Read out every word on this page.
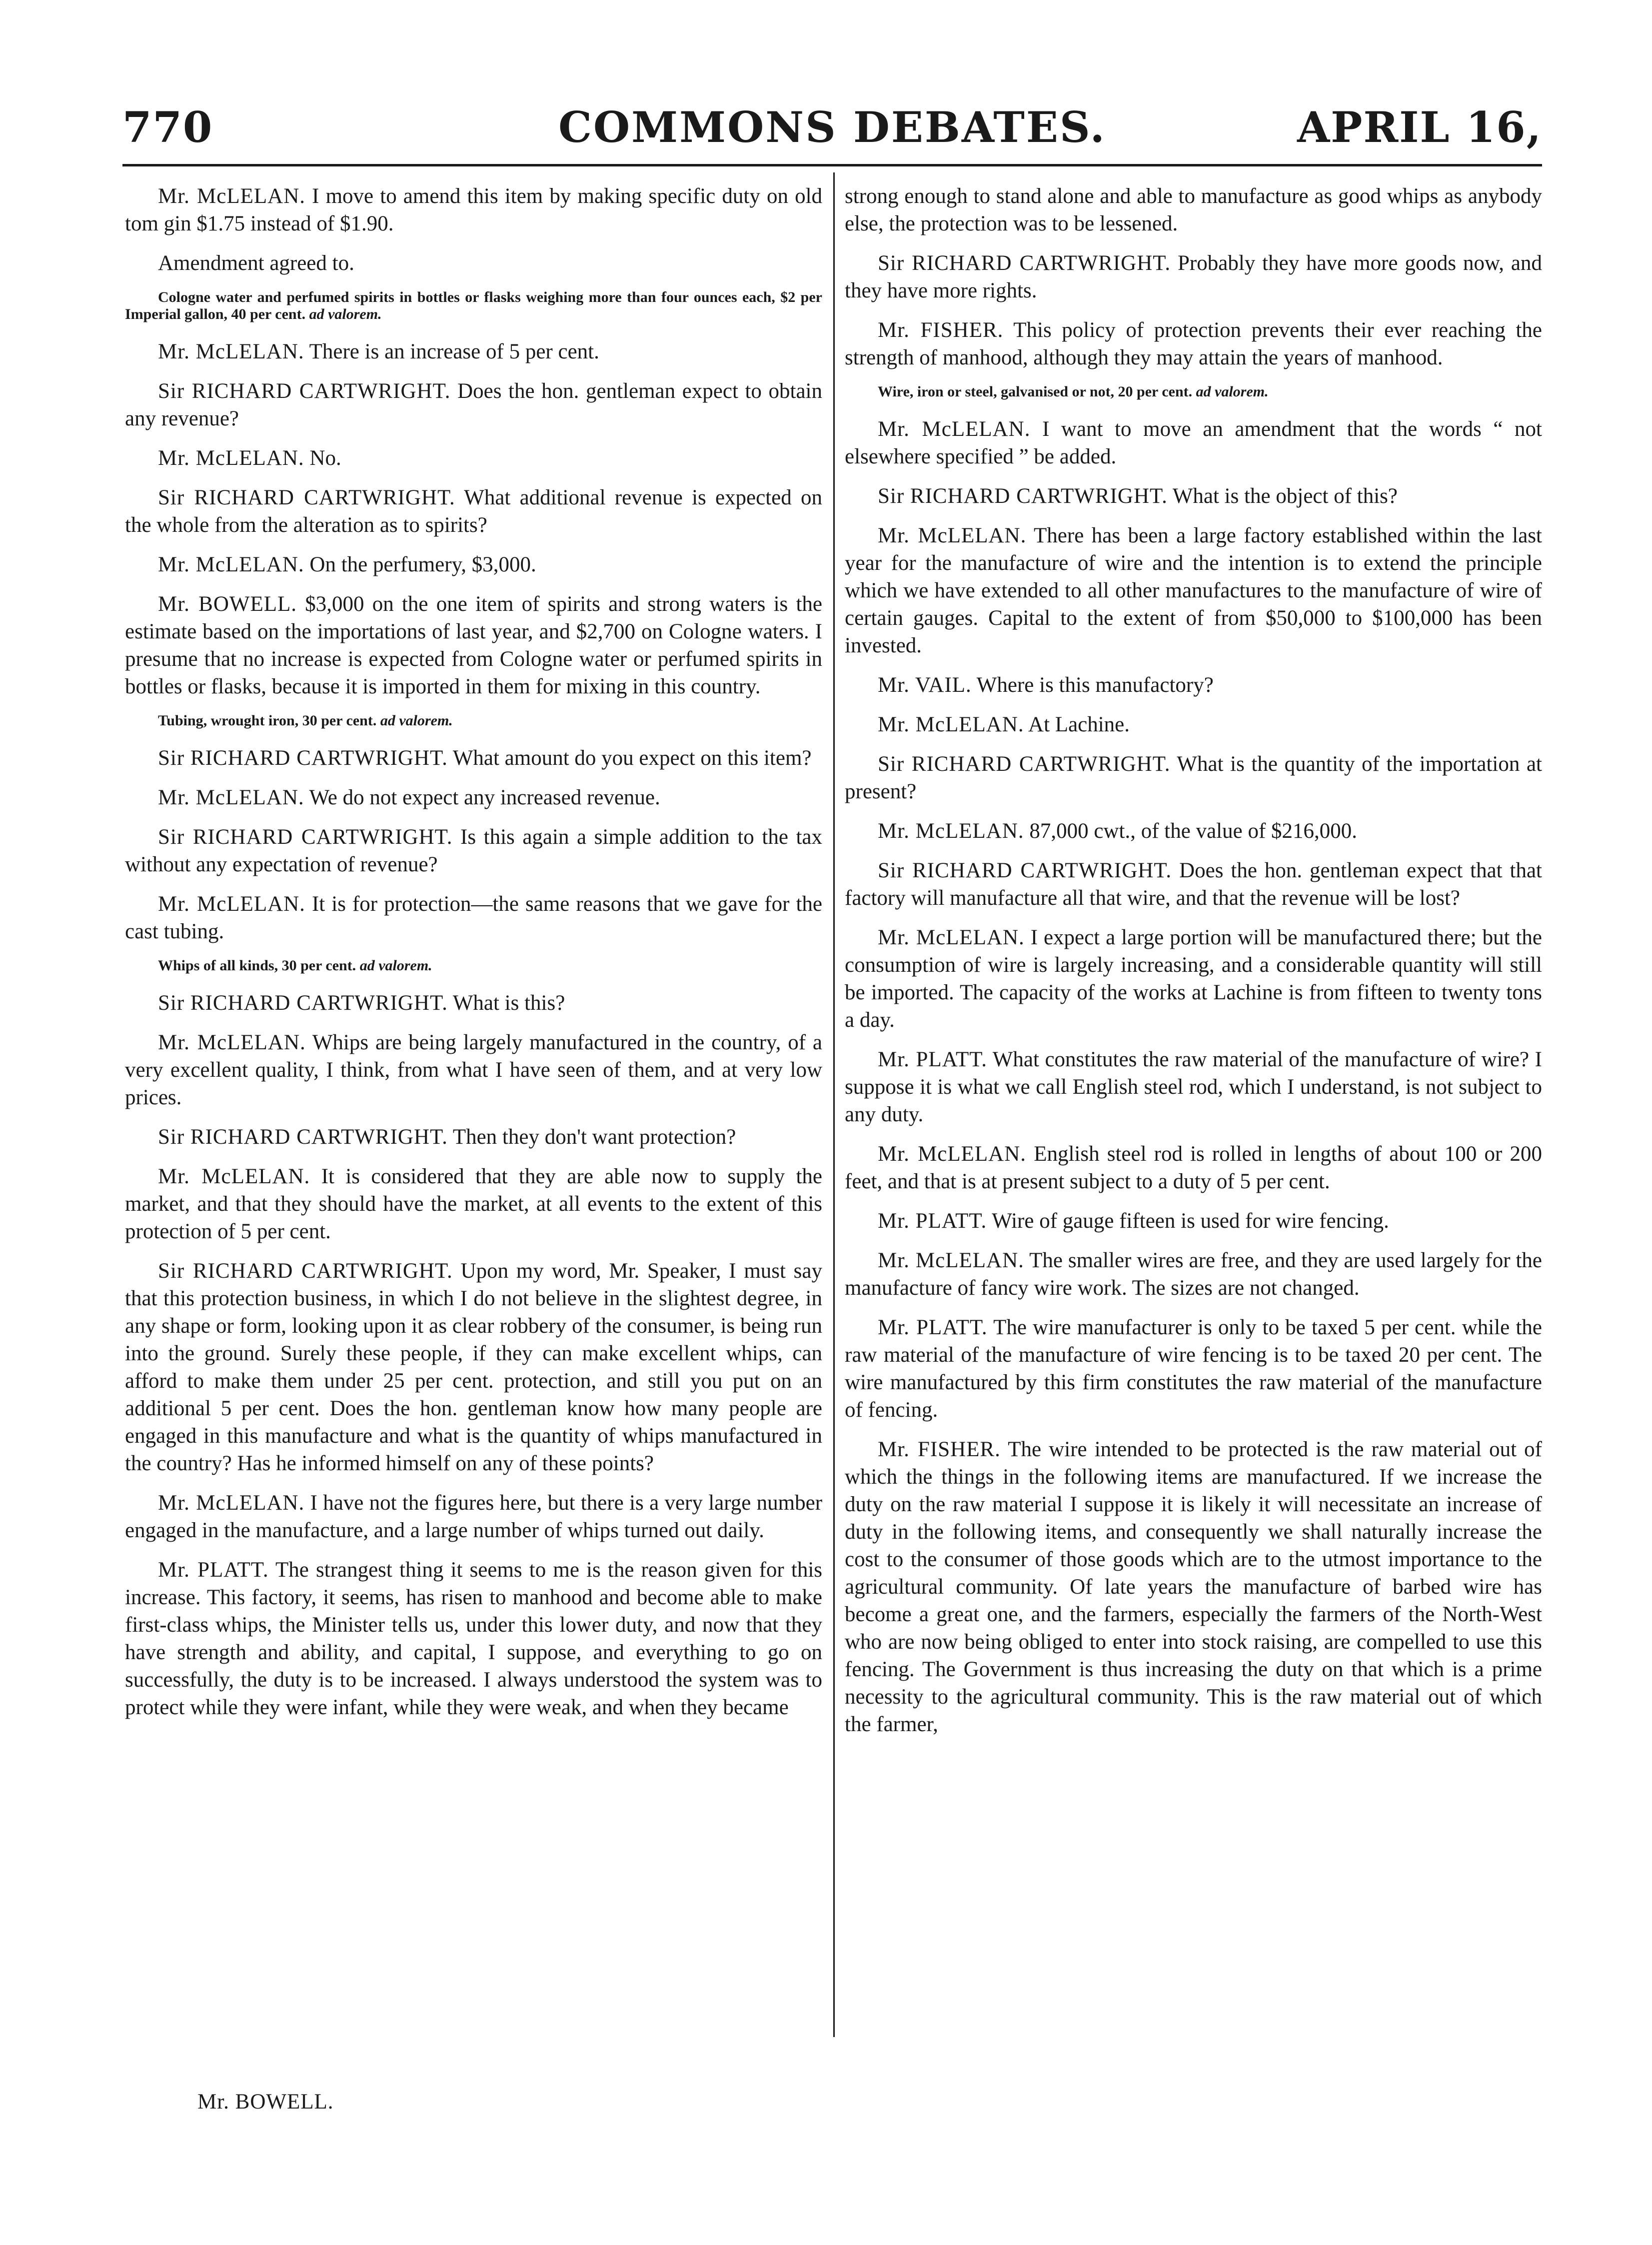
770	COMMONS DEBATES.	APRIL 16,

Mr. McLELAN. I move to amend this item by making specific duty on old tom gin $1.75 instead of $1.90.

Amendment agreed to.

Cologne water and perfumed spirits in bottles or flasks weighing more than four ounces each, $2 per Imperial gallon, 40 per cent. ad valorem.

Mr. McLELAN. There is an increase of 5 per cent.

Sir RICHARD CARTWRIGHT. Does the hon. gentleman expect to obtain any revenue?

Mr. McLELAN. No.

Sir RICHARD CARTWRIGHT. What additional revenue is expected on the whole from the alteration as to spirits?

Mr. McLELAN. On the perfumery, $3,000.

Mr. BOWELL. $3,000 on the one item of spirits and strong waters is the estimate based on the importations of last year, and $2,700 on Cologne waters. I presume that no increase is expected from Cologne water or perfumed spirits in bottles or flasks, because it is imported in them for mixing in this country.

Tubing, wrought iron, 30 per cent. ad valorem.

Sir RICHARD CARTWRIGHT. What amount do you expect on this item?

Mr. McLELAN. We do not expect any increased revenue.

Sir RICHARD CARTWRIGHT. Is this again a simple addition to the tax without any expectation of revenue?

Mr. McLELAN. It is for protection—the same reasons that we gave for the cast tubing.

Whips of all kinds, 30 per cent. ad valorem.

Sir RICHARD CARTWRIGHT. What is this?

Mr. McLELAN. Whips are being largely manufactured in the country, of a very excellent quality, I think, from what I have seen of them, and at very low prices.

Sir RICHARD CARTWRIGHT. Then they don't want protection?

Mr. McLELAN. It is considered that they are able now to supply the market, and that they should have the market, at all events to the extent of this protection of 5 per cent.

Sir RICHARD CARTWRIGHT. Upon my word, Mr. Speaker, I must say that this protection business, in which I do not believe in the slightest degree, in any shape or form, looking upon it as clear robbery of the consumer, is being run into the ground. Surely these people, if they can make excellent whips, can afford to make them under 25 per cent. protection, and still you put on an additional 5 per cent. Does the hon. gentleman know how many people are engaged in this manufacture and what is the quantity of whips manufactured in the country? Has he informed himself on any of these points?

Mr. McLELAN. I have not the figures here, but there is a very large number engaged in the manufacture, and a large number of whips turned out daily.

Mr. PLATT. The strangest thing it seems to me is the reason given for this increase. This factory, it seems, has risen to manhood and become able to make first-class whips, the Minister tells us, under this lower duty, and now that they have strength and ability, and capital, I suppose, and everything to go on successfully, the duty is to be increased. I always understood the system was to protect while they were infant, while they were weak, and when they became

strong enough to stand alone and able to manufacture as good whips as anybody else, the protection was to be lessened.

Sir RICHARD CARTWRIGHT. Probably they have more goods now, and they have more rights.

Mr. FISHER. This policy of protection prevents their ever reaching the strength of manhood, although they may attain the years of manhood.

Wire, iron or steel, galvanised or not, 20 per cent. ad valorem.

Mr. McLELAN. I want to move an amendment that the words “ not elsewhere specified ” be added.

Sir RICHARD CARTWRIGHT. What is the object of this?

Mr. McLELAN. There has been a large factory established within the last year for the manufacture of wire and the intention is to extend the principle which we have extended to all other manufactures to the manufacture of wire of certain gauges. Capital to the extent of from $50,000 to $100,000 has been invested.

Mr. VAIL. Where is this manufactory?

Mr. McLELAN. At Lachine.

Sir RICHARD CARTWRIGHT. What is the quantity of the importation at present?

Mr. McLELAN. 87,000 cwt., of the value of $216,000.

Sir RICHARD CARTWRIGHT. Does the hon. gentleman expect that that factory will manufacture all that wire, and that the revenue will be lost?

Mr. McLELAN. I expect a large portion will be manufactured there; but the consumption of wire is largely increasing, and a considerable quantity will still be imported. The capacity of the works at Lachine is from fifteen to twenty tons a day.

Mr. PLATT. What constitutes the raw material of the manufacture of wire? I suppose it is what we call English steel rod, which I understand, is not subject to any duty.

Mr. McLELAN. English steel rod is rolled in lengths of about 100 or 200 feet, and that is at present subject to a duty of 5 per cent.

Mr. PLATT. Wire of gauge fifteen is used for wire fencing.

Mr. McLELAN. The smaller wires are free, and they are used largely for the manufacture of fancy wire work. The sizes are not changed.

Mr. PLATT. The wire manufacturer is only to be taxed 5 per cent. while the raw material of the manufacture of wire fencing is to be taxed 20 per cent. The wire manufactured by this firm constitutes the raw material of the manufacture of fencing.

Mr. FISHER. The wire intended to be protected is the raw material out of which the things in the following items are manufactured. If we increase the duty on the raw material I suppose it is likely it will necessitate an increase of duty in the following items, and consequently we shall naturally increase the cost to the consumer of those goods which are to the utmost importance to the agricultural community. Of late years the manufacture of barbed wire has become a great one, and the farmers, especially the farmers of the North-West who are now being obliged to enter into stock raising, are compelled to use this fencing. The Government is thus increasing the duty on that which is a prime necessity to the agricultural community. This is the raw material out of which the farmer,

Mr. BOWELL.
